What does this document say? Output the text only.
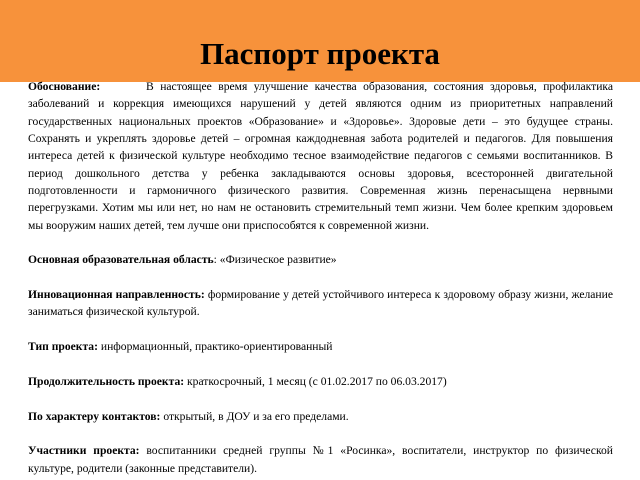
Паспорт проекта

Обоснование:	В настоящее время улучшение качества образования, состояния здоровья, профилактика заболеваний и коррекция имеющихся нарушений у детей являются одним из приоритетных направлений государственных национальных проектов «Образование» и «Здоровье». Здоровые дети – это будущее страны. Сохранять и укреплять здоровье детей – огромная каждодневная забота родителей и педагогов. Для повышения интереса детей к физической культуре необходимо тесное взаимодействие педагогов с семьями воспитанников. В период дошкольного детства у ребенка закладываются основы здоровья, всесторонней двигательной подготовленности и гармоничного физического развития. Современная жизнь перенасыщена нервными перегрузками. Хотим мы или нет, но нам не остановить стремительный темп жизни. Чем более крепким здоровьем мы вооружим наших детей, тем лучше они приспособятся к современной жизни.

Основная образовательная область: «Физическое развитие»

Инновационная направленность: формирование у детей устойчивого интереса к здоровому образу жизни, желание заниматься физической культурой.

Тип проекта: информационный, практико-ориентированный

Продолжительность проекта: краткосрочный, 1 месяц (с 01.02.2017 по 06.03.2017)

По характеру контактов: открытый, в ДОУ и за его пределами.

Участники проекта: воспитанники средней группы №1 «Росинка», воспитатели, инструктор по физической культуре, родители (законные представители).
